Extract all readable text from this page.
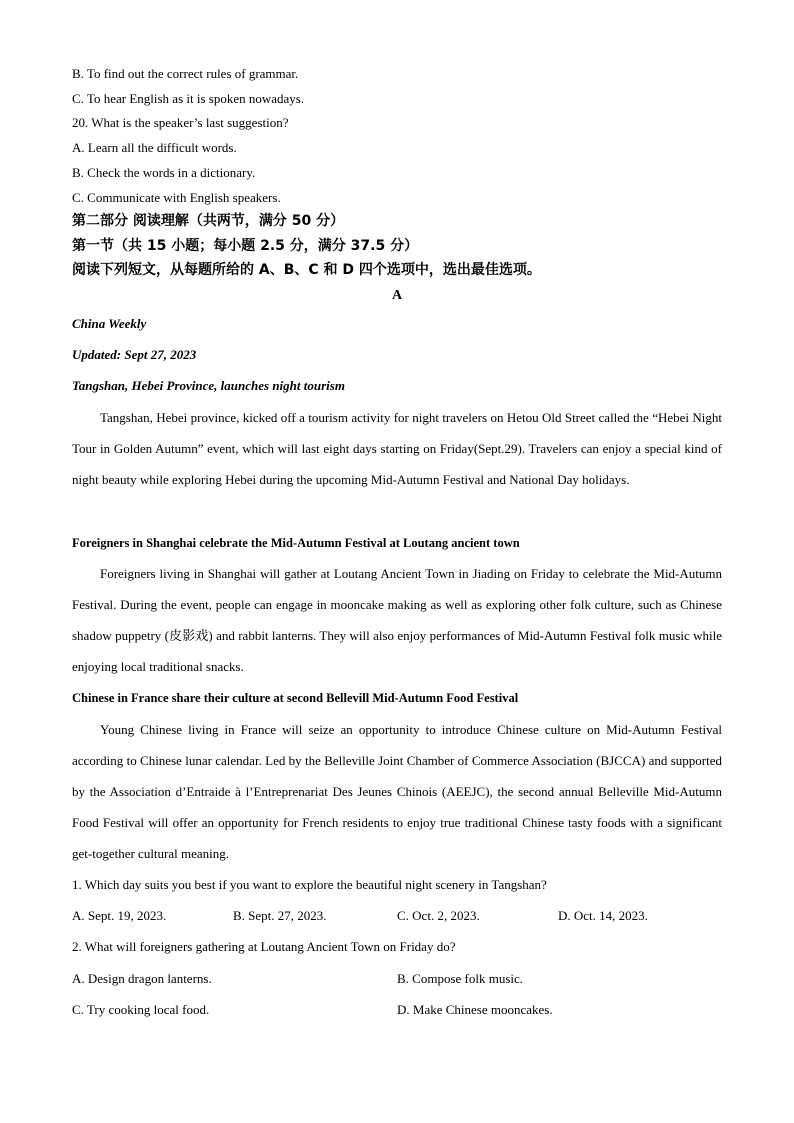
B. To find out the correct rules of grammar.
C. To hear English as it is spoken nowadays.
20. What is the speaker’s last suggestion?
A. Learn all the difficult words.
B. Check the words in a dictionary.
C. Communicate with English speakers.
第二部分 阅读理解（共两节，满分 50 分）
第一节（共 15 小题；每小题 2.5 分，满分 37.5 分）
阅读下列短文，从每题所给的 A、B、C 和 D 四个选项中，选出最佳选项。
A
China Weekly
Updated: Sept 27, 2023
Tangshan, Hebei Province, launches night tourism
Tangshan, Hebei province, kicked off a tourism activity for night travelers on Hetou Old Street called the “Hebei Night Tour in Golden Autumn” event, which will last eight days starting on Friday(Sept.29). Travelers can enjoy a special kind of night beauty while exploring Hebei during the upcoming Mid-Autumn Festival and National Day holidays.
Foreigners in Shanghai celebrate the Mid-Autumn Festival at Loutang ancient town
Foreigners living in Shanghai will gather at Loutang Ancient Town in Jiading on Friday to celebrate the Mid-Autumn Festival. During the event, people can engage in mooncake making as well as exploring other folk culture, such as Chinese shadow puppetry (皮影戏) and rabbit lanterns. They will also enjoy performances of Mid-Autumn Festival folk music while enjoying local traditional snacks.
Chinese in France share their culture at second Bellevill Mid-Autumn Food Festival
Young Chinese living in France will seize an opportunity to introduce Chinese culture on Mid-Autumn Festival according to Chinese lunar calendar. Led by the Belleville Joint Chamber of Commerce Association (BJCCA) and supported by the Association d’Entraide à l’Entreprenariat Des Jeunes Chinois (AEEJC), the second annual Belleville Mid-Autumn Food Festival will offer an opportunity for French residents to enjoy true traditional Chinese tasty foods with a significant get-together cultural meaning.
1. Which day suits you best if you want to explore the beautiful night scenery in Tangshan?
A. Sept. 19, 2023.	B. Sept. 27, 2023.	C. Oct. 2, 2023.	D. Oct. 14, 2023.
2. What will foreigners gathering at Loutang Ancient Town on Friday do?
A. Design dragon lanterns.	B. Compose folk music.
C. Try cooking local food.	D. Make Chinese mooncakes.
